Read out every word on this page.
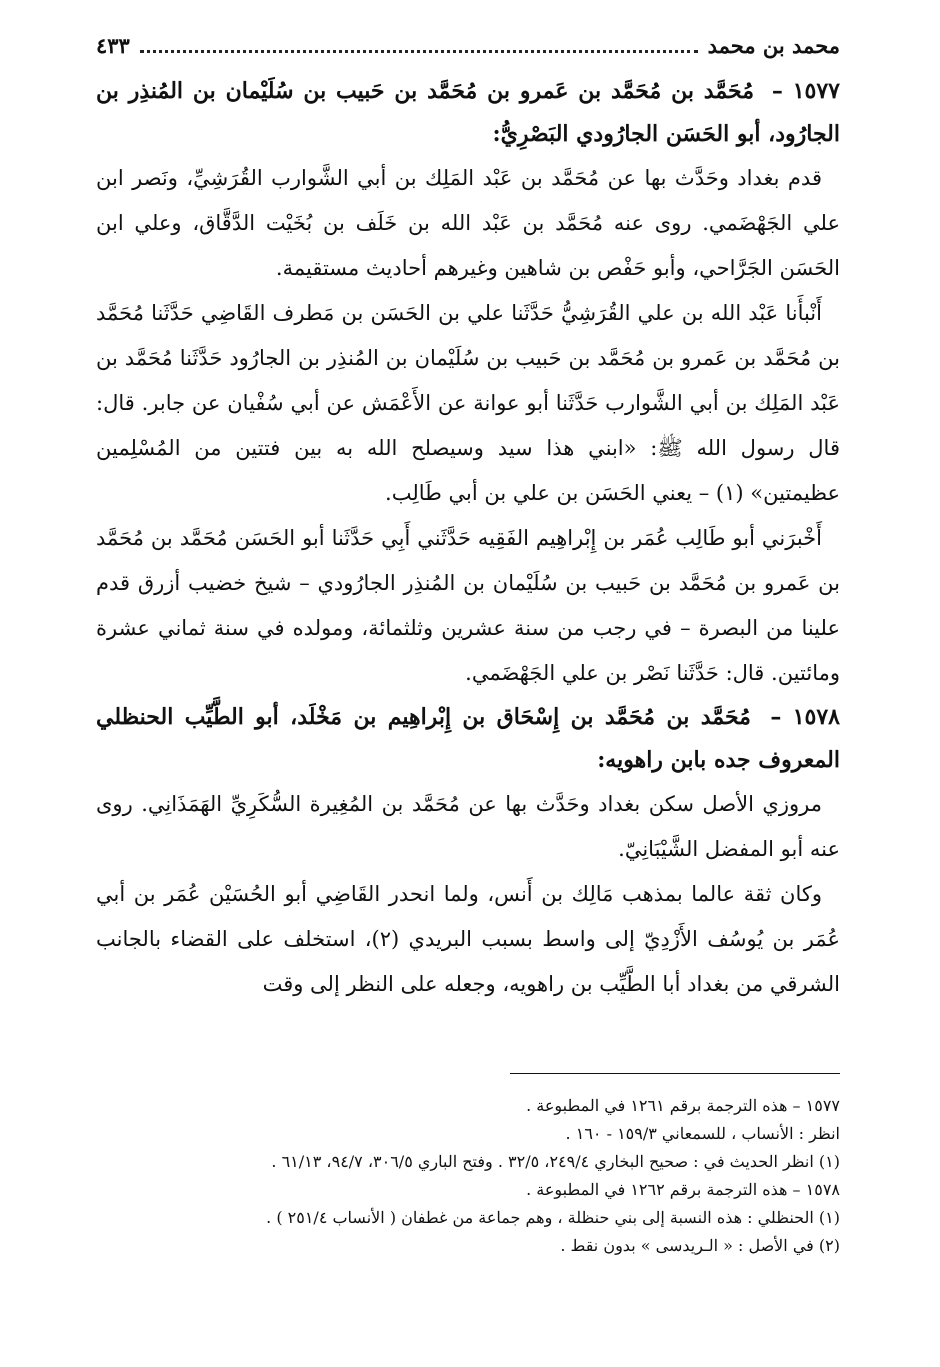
محمد بن محمد
٤٣٣

١٥٧٧ – مُحَمَّد بن مُحَمَّد بن عَمرو بن مُحَمَّد بن حَبيب بن سُلَيْمان بن المُنذِر بن الجارُود، أبو الحَسَن الجارُودي البَصْرِيُّ:

قدم بغداد وحَدَّث بها عن مُحَمَّد بن عَبْد المَلِك بن أبي الشَّوارب القُرَشِيِّ، ونَصر ابن علي الجَهْضَمي. روى عنه مُحَمَّد بن عَبْد الله بن خَلَف بن بُخَيْت الدَّقَّاق، وعلي ابن الحَسَن الجَرَّاحي، وأبو حَفْص بن شاهين وغيرهم أحاديث مستقيمة.

أَنْبأَنا عَبْد الله بن علي القُرَشِيُّ حَدَّثَنا علي بن الحَسَن بن مَطرف القَاضِي حَدَّثَنا مُحَمَّد بن مُحَمَّد بن عَمرو بن مُحَمَّد بن حَبيب بن سُلَيْمان بن المُنذِر بن الجارُود حَدَّثَنا مُحَمَّد بن عَبْد المَلِك بن أبي الشَّوارب حَدَّثَنا أبو عوانة عن الأَعْمَش عن أبي سُفْيان عن جابر. قال: قال رسول الله ﷺ: «ابني هذا سيد وسيصلح الله به بين فتتين من المُسْلِمين عظيمتين» (١) – يعني الحَسَن بن علي بن أبي طَالِب.

أَخْبرَني أبو طَالِب عُمَر بن إِبْراهِيم الفَقِيه حَدَّثَني أَبِي حَدَّثَنا أبو الحَسَن مُحَمَّد بن مُحَمَّد بن عَمرو بن مُحَمَّد بن حَبيب بن سُلَيْمان بن المُنذِر الجارُودي – شيخ خضيب أزرق قدم علينا من البصرة – في رجب من سنة عشرين وثلثمائة، ومولده في سنة ثماني عشرة ومائتين. قال: حَدَّثَنا نَصْر بن علي الجَهْضَمي.

١٥٧٨ – مُحَمَّد بن مُحَمَّد بن إِسْحَاق بن إِبْراهِيم بن مَخْلَد، أبو الطَّيِّب الحنظلي المعروف جده بابن راهويه:

مروزي الأصل سكن بغداد وحَدَّث بها عن مُحَمَّد بن المُغِيرة السُّكَرِيِّ الهَمَذَانِي. روى عنه أبو المفضل الشَّيْبَانِيّ.

وكان ثقة عالما بمذهب مَالِك بن أَنس، ولما انحدر القَاضِي أبو الحُسَيْن عُمَر بن أبي عُمَر بن يُوسُف الأَزْدِيّ إلى واسط بسبب البريدي (٢)، استخلف على القضاء بالجانب الشرقي من بغداد أبا الطَّيِّب بن راهويه، وجعله على النظر إلى وقت

١٥٧٧ – هذه الترجمة برقم ١٢٦١ في المطبوعة .

انظر : الأنساب ، للسمعاني ١٥٩/٣ - ١٦٠ .

(١) انظر الحديث في : صحيح البخاري ٢٤٩/٤، ٣٢/٥ . وفتح الباري ٣٠٦/٥، ٩٤/٧، ٦١/١٣ .

١٥٧٨ – هذه الترجمة برقم ١٢٦٢ في المطبوعة .

(١) الحنظلي : هذه النسبة إلى بني حنظلة ، وهم جماعة من غطفان ( الأنساب ٢٥١/٤ ) .

(٢) في الأصل : « الـريدسى » بدون نقط .
